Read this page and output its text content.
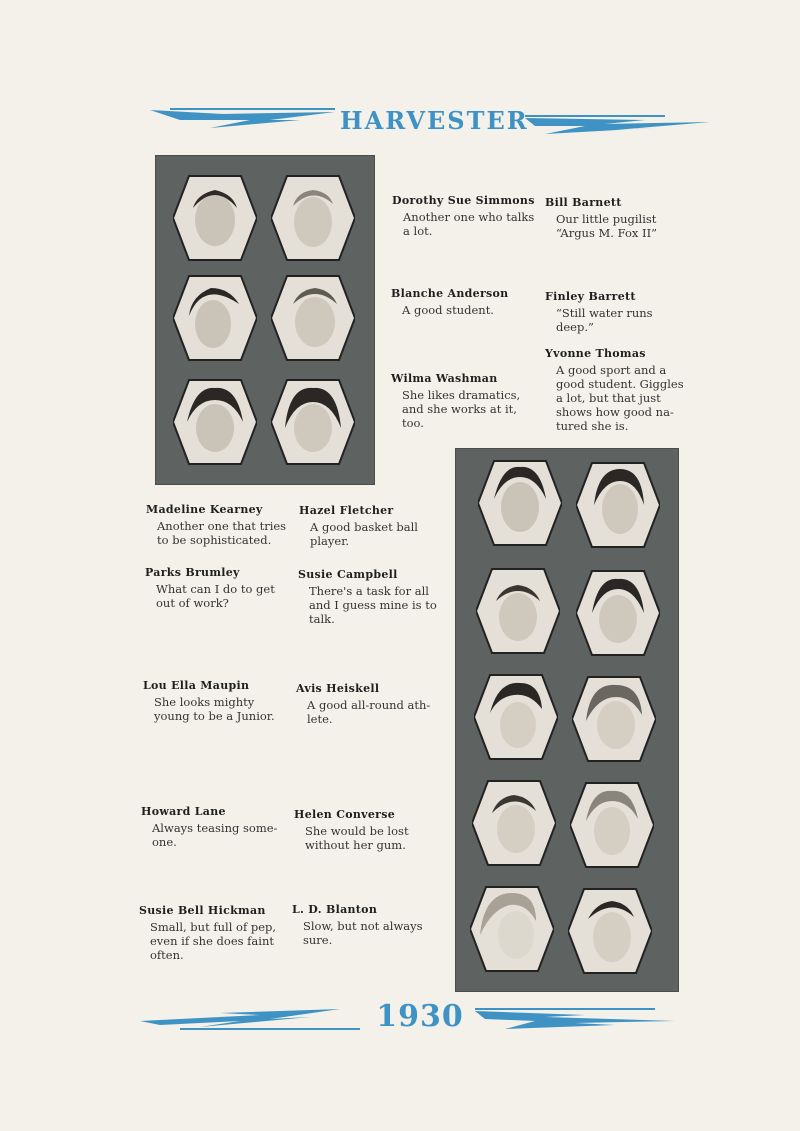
HARVESTER
Dorothy Sue Simmons
Another one who talks a lot.
Bill Barnett
Our little pugilist “Argus M. Fox II”
Blanche Anderson
A good student.
Finley Barrett
“Still water runs deep.”
Yvonne Thomas
A good sport and a good student. Giggles a lot, but that just shows how good na-tured she is.
Wilma Washman
She likes dramatics, and she works at it, too.
Madeline Kearney
Another one that tries to be sophisticated.
Hazel Fletcher
A good basket ball player.
Parks Brumley
What can I do to get out of work?
Susie Campbell
There's a task for all and I guess mine is to talk.
Lou Ella Maupin
She looks mighty young to be a Junior.
Avis Heiskell
A good all-round ath-lete.
Howard Lane
Always teasing some-one.
Helen Converse
She would be lost without her gum.
Susie Bell Hickman
Small, but full of pep, even if she does faint often.
L. D. Blanton
Slow, but not always sure.
1930
